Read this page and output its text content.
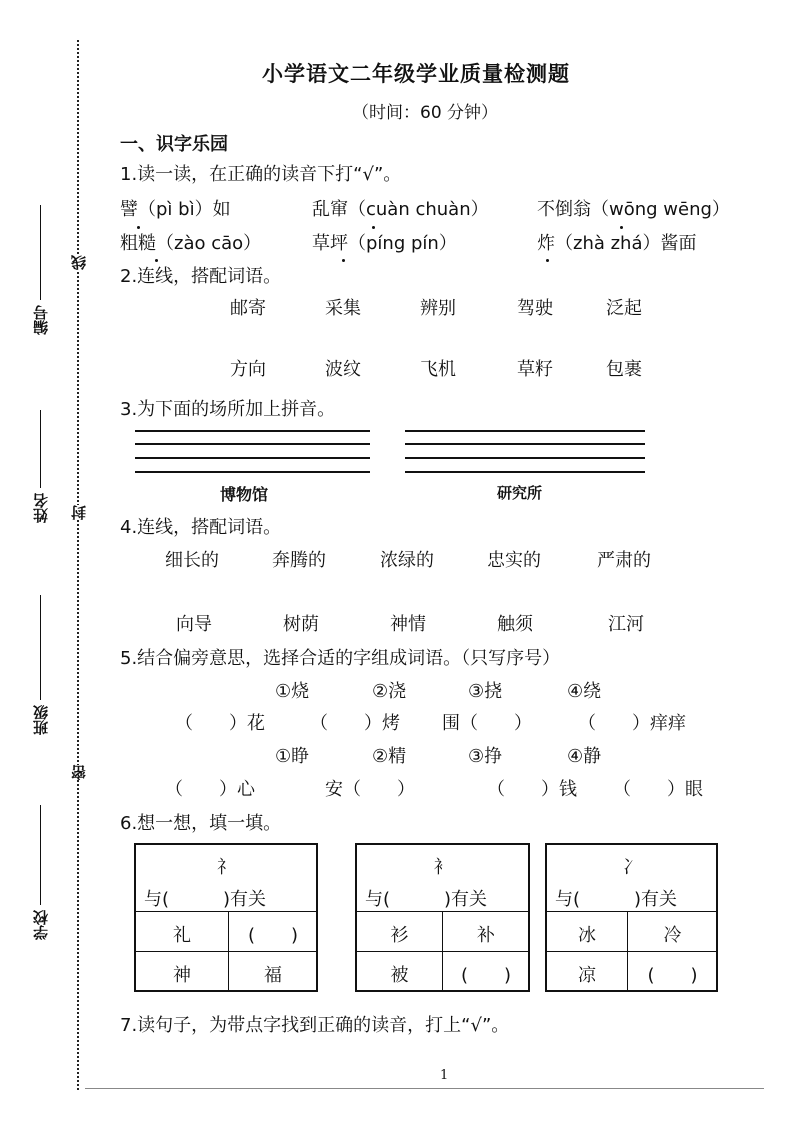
线
封
密
编号
姓名
班级
学校
小学语文二年级学业质量检测题
（时间：60 分钟）
一、识字乐园
1.读一读，在正确的读音下打“√”。
譬（pì bì）如	乱窜（cuàn chuàn）	不倒翁（wōng wēng）
粗糙（zào cāo）	草坪（píng pín）	炸（zhà zhá）酱面
2.连线，搭配词语。
邮寄	采集	辨别	驾驶	泛起
方向	波纹	飞机	草籽	包裹
3.为下面的场所加上拼音。
博物馆	研究所
4.连线，搭配词语。
细长的	奔腾的	浓绿的	忠实的	严肃的
向导	树荫	神情	触须	江河
5.结合偏旁意思，选择合适的字组成词语。（只写序号）
①烧	②浇	③挠	④绕
（　　）花	（　　）烤 围（　　）	（　　）痒痒
①睁	②精	③挣	④静
（　　）心	安（　　）	（　　）钱 （　　）眼
6.想一想，填一填。
礻
与(　　　)有关
礼	(　　)
神	福
衤
与(　　　)有关
衫	补
被	(　　)
冫
与(　　　)有关
冰	冷
凉	(　　)
7.读句子，为带点字找到正确的读音，打上“√”。
1
